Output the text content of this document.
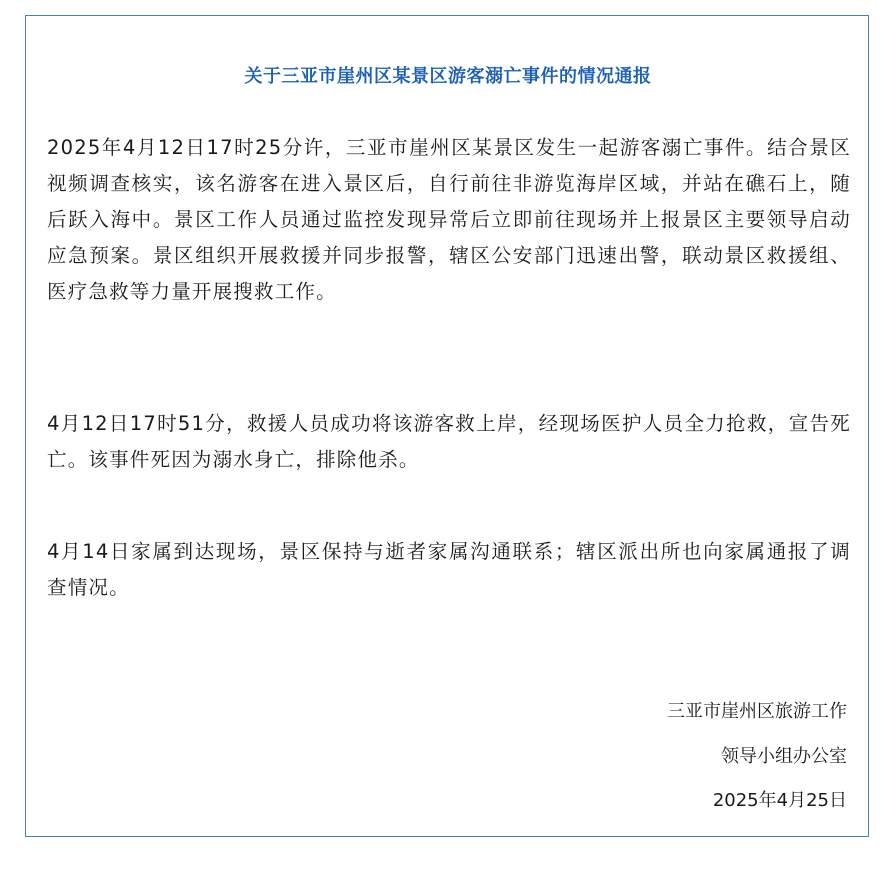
关于三亚市崖州区某景区游客溺亡事件的情况通报

2025年4月12日17时25分许，三亚市崖州区某景区发生一起游客溺亡事件。结合景区视频调查核实，该名游客在进入景区后，自行前往非游览海岸区域，并站在礁石上，随后跃入海中。景区工作人员通过监控发现异常后立即前往现场并上报景区主要领导启动应急预案。景区组织开展救援并同步报警，辖区公安部门迅速出警，联动景区救援组、医疗急救等力量开展搜救工作。

4月12日17时51分，救援人员成功将该游客救上岸，经现场医护人员全力抢救，宣告死亡。该事件死因为溺水身亡，排除他杀。

4月14日家属到达现场，景区保持与逝者家属沟通联系；辖区派出所也向家属通报了调查情况。

三亚市崖州区旅游工作
领导小组办公室
2025年4月25日
